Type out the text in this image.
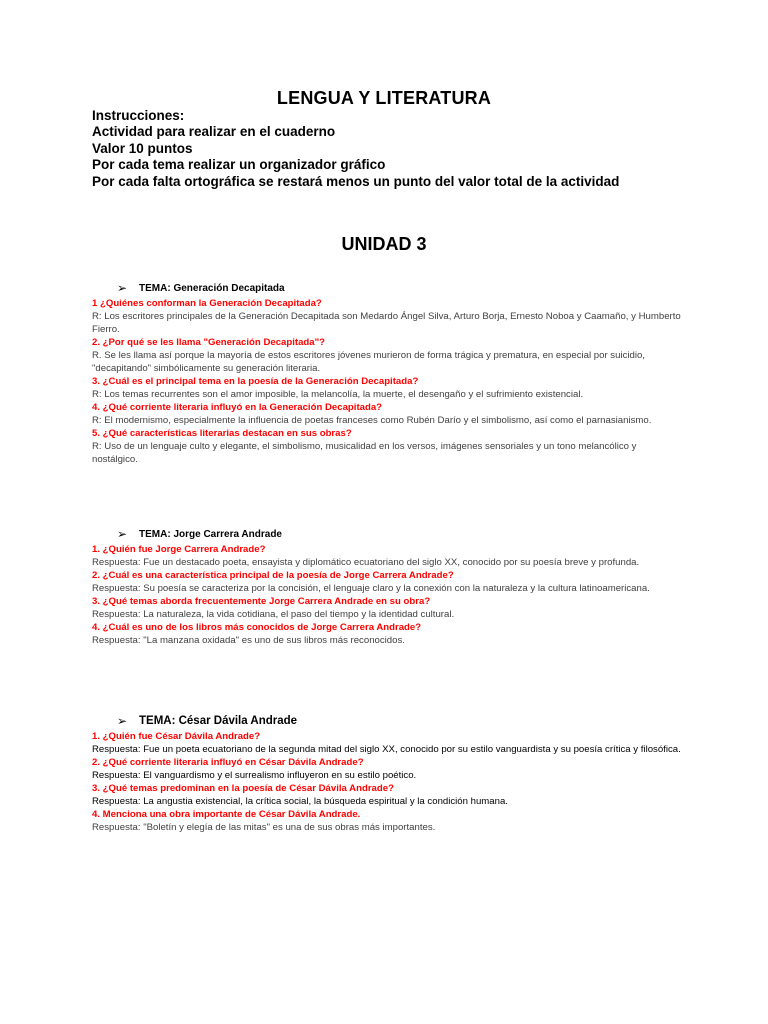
LENGUA Y LITERATURA
Instrucciones:
Actividad para realizar en el cuaderno
Valor 10 puntos
Por cada tema realizar un organizador gráfico
Por cada falta ortográfica se restará menos un punto del valor total de la actividad
UNIDAD 3
➢	TEMA: Generación Decapitada
1 ¿Quiénes conforman la Generación Decapitada?
R: Los escritores principales de la Generación Decapitada son Medardo Ángel Silva, Arturo Borja, Ernesto Noboa y Caamaño, y Humberto Fierro.
2. ¿Por qué se les llama "Generación Decapitada"?
R. Se les llama así porque la mayoría de estos escritores jóvenes murieron de forma trágica y prematura, en especial por suicidio, "decapitando" simbólicamente su generación literaria.
3. ¿Cuál es el principal tema en la poesía de la Generación Decapitada?
R: Los temas recurrentes son el amor imposible, la melancolía, la muerte, el desengaño y el sufrimiento existencial.
4. ¿Qué corriente literaria influyó en la Generación Decapitada?
R: El modernismo, especialmente la influencia de poetas franceses como Rubén Darío y el simbolismo, así como el parnasianismo.
5. ¿Qué características literarias destacan en sus obras?
R: Uso de un lenguaje culto y elegante, el simbolismo, musicalidad en los versos, imágenes sensoriales y un tono melancólico y nostálgico.
➢	TEMA: Jorge Carrera Andrade
1. ¿Quién fue Jorge Carrera Andrade?
Respuesta: Fue un destacado poeta, ensayista y diplomático ecuatoriano del siglo XX, conocido por su poesía breve y profunda.
2. ¿Cuál es una característica principal de la poesía de Jorge Carrera Andrade?
Respuesta: Su poesía se caracteriza por la concisión, el lenguaje claro y la conexión con la naturaleza y la cultura latinoamericana.
3. ¿Qué temas aborda frecuentemente Jorge Carrera Andrade en su obra?
Respuesta: La naturaleza, la vida cotidiana, el paso del tiempo y la identidad cultural.
4. ¿Cuál es uno de los libros más conocidos de Jorge Carrera Andrade?
Respuesta: "La manzana oxidada" es uno de sus libros más reconocidos.
➢	TEMA: César Dávila Andrade
1. ¿Quién fue César Dávila Andrade?
Respuesta: Fue un poeta ecuatoriano de la segunda mitad del siglo XX, conocido por su estilo vanguardista y su poesía crítica y filosófica.
2. ¿Qué corriente literaria influyó en César Dávila Andrade?
Respuesta: El vanguardismo y el surrealismo influyeron en su estilo poético.
3. ¿Qué temas predominan en la poesía de César Dávila Andrade?
Respuesta: La angustia existencial, la crítica social, la búsqueda espiritual y la condición humana.
4. Menciona una obra importante de César Dávila Andrade.
Respuesta: "Boletín y elegía de las mitas" es una de sus obras más importantes.
